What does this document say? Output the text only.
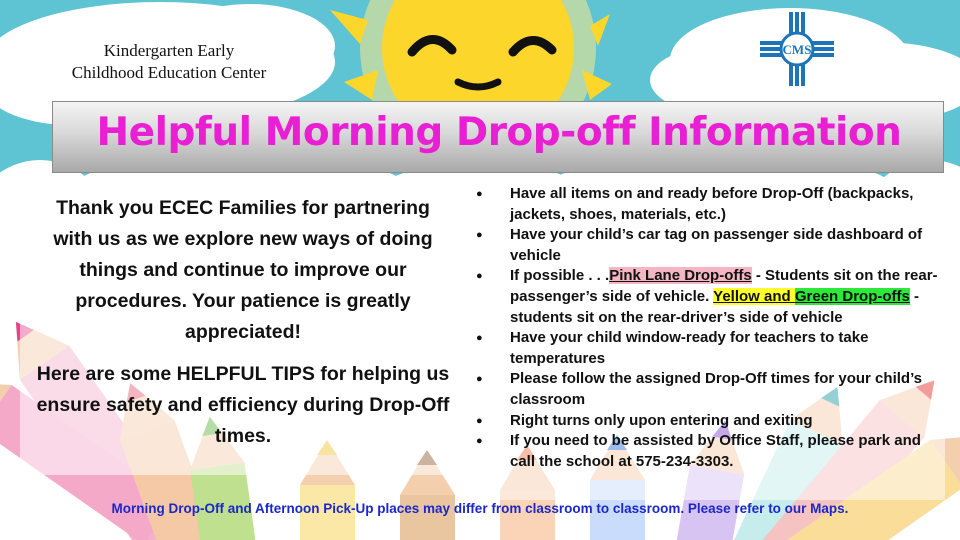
Kindergarten Early
Childhood Education Center
CMS
Helpful Morning Drop-off Information

Thank you ECEC Families for partnering with us as we explore new ways of doing things and continue to improve our procedures. Your patience is greatly appreciated!

Here are some HELPFUL TIPS for helping us ensure safety and efficiency during Drop-Off times.

● Have all items on and ready before Drop-Off (backpacks, jackets, shoes, materials, etc.)
● Have your child’s car tag on passenger side dashboard of vehicle
● If possible . . .Pink Lane Drop-offs - Students sit on the rear-passenger’s side of vehicle. Yellow and Green Drop-offs - students sit on the rear-driver’s side of vehicle
● Have your child window-ready for teachers to take temperatures
● Please follow the assigned Drop-Off times for your child’s classroom
● Right turns only upon entering and exiting
● If you need to be assisted by Office Staff, please park and call the school at 575-234-3303.
Morning Drop-Off and Afternoon Pick-Up places may differ from classroom to classroom. Please refer to our Maps.
